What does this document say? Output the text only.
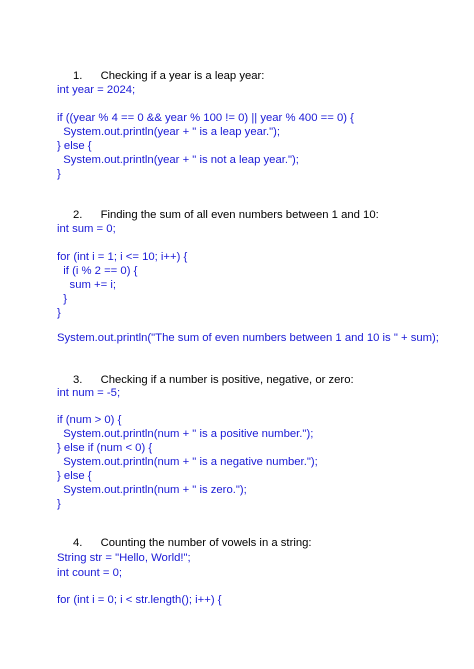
1. Checking if a year is a leap year:

int year = 2024;
if ((year % 4 == 0 && year % 100 != 0) || year % 400 == 0) {
System.out.println(year + " is a leap year.");
} else {
System.out.println(year + " is not a leap year.");
}

2. Finding the sum of all even numbers between 1 and 10:

int sum = 0;
for (int i = 1; i <= 10; i++) {
if (i % 2 == 0) {
sum += i;
}
}
System.out.println("The sum of even numbers between 1 and 10 is " + sum);

3. Checking if a number is positive, negative, or zero:

int num = -5;
if (num > 0) {
System.out.println(num + " is a positive number.");
} else if (num < 0) {
System.out.println(num + " is a negative number.");
} else {
System.out.println(num + " is zero.");
}

4. Counting the number of vowels in a string:

String str = "Hello, World!";
int count = 0;
for (int i = 0; i < str.length(); i++) {
